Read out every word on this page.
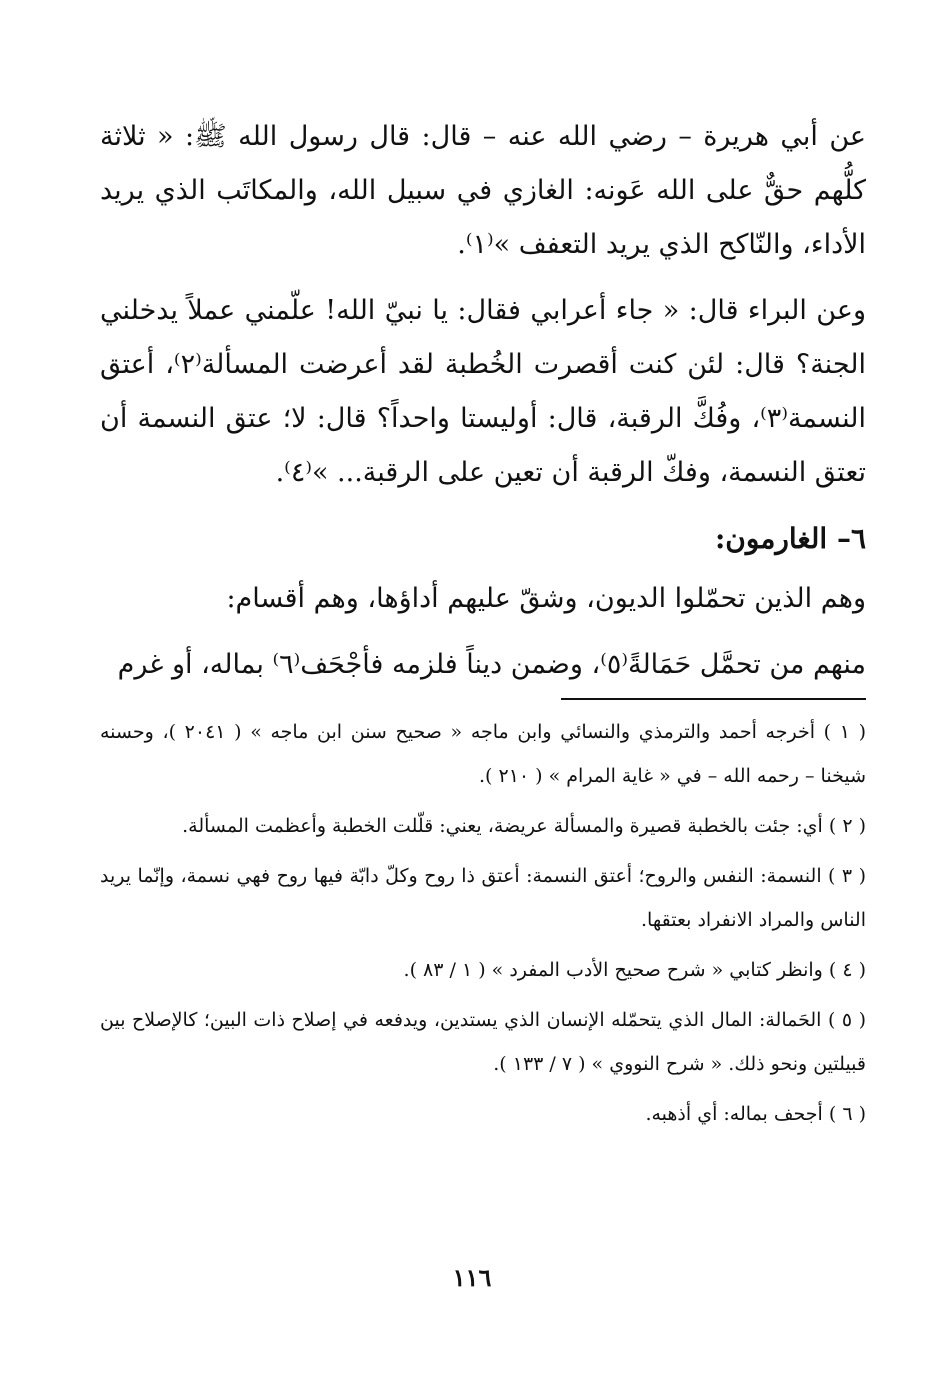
عن أبي هريرة – رضي الله عنه – قال: قال رسول الله ﷺ: « ثلاثة كلُّهم حقٌّ على الله عَونه: الغازي في سبيل الله، والمكاتَب الذي يريد الأداء، والنّاكح الذي يريد التعفف »⁽١⁾.

وعن البراء قال: « جاء أعرابي فقال: يا نبيّ الله! علّمني عملاً يدخلني الجنة؟ قال: لئن كنت أقصرت الخُطبة لقد أعرضت المسألة⁽٢⁾، أعتق النسمة⁽٣⁾، وفُكَّ الرقبة، قال: أوليستا واحداً؟ قال: لا؛ عتق النسمة أن تعتق النسمة، وفكّ الرقبة أن تعين على الرقبة... »⁽٤⁾.

٦– الغارمون:

وهم الذين تحمّلوا الديون، وشقّ عليهم أداؤها، وهم أقسام:

منهم من تحمَّل حَمَالةً⁽٥⁾، وضمن ديناً فلزمه فأجْحَف⁽٦⁾ بماله، أو غرم

( ١ ) أخرجه أحمد والترمذي والنسائي وابن ماجه « صحيح سنن ابن ماجه » ( ٢٠٤١ )، وحسنه شيخنا – رحمه الله – في « غاية المرام » ( ٢١٠ ).

( ٢ ) أي: جئت بالخطبة قصيرة والمسألة عريضة، يعني: قلّلت الخطبة وأعظمت المسألة.

( ٣ ) النسمة: النفس والروح؛ أعتق النسمة: أعتق ذا روح وكلّ دابّة فيها روح فهي نسمة، وإنّما يريد الناس والمراد الانفراد بعتقها.

( ٤ ) وانظر كتابي « شرح صحيح الأدب المفرد » ( ١ / ٨٣ ).

( ٥ ) الحَمالة: المال الذي يتحمّله الإنسان الذي يستدين، ويدفعه في إصلاح ذات البين؛ كالإصلاح بين قبيلتين ونحو ذلك. « شرح النووي » ( ٧ / ١٣٣ ).

( ٦ ) أجحف بماله: أي أذهبه.

١١٦
